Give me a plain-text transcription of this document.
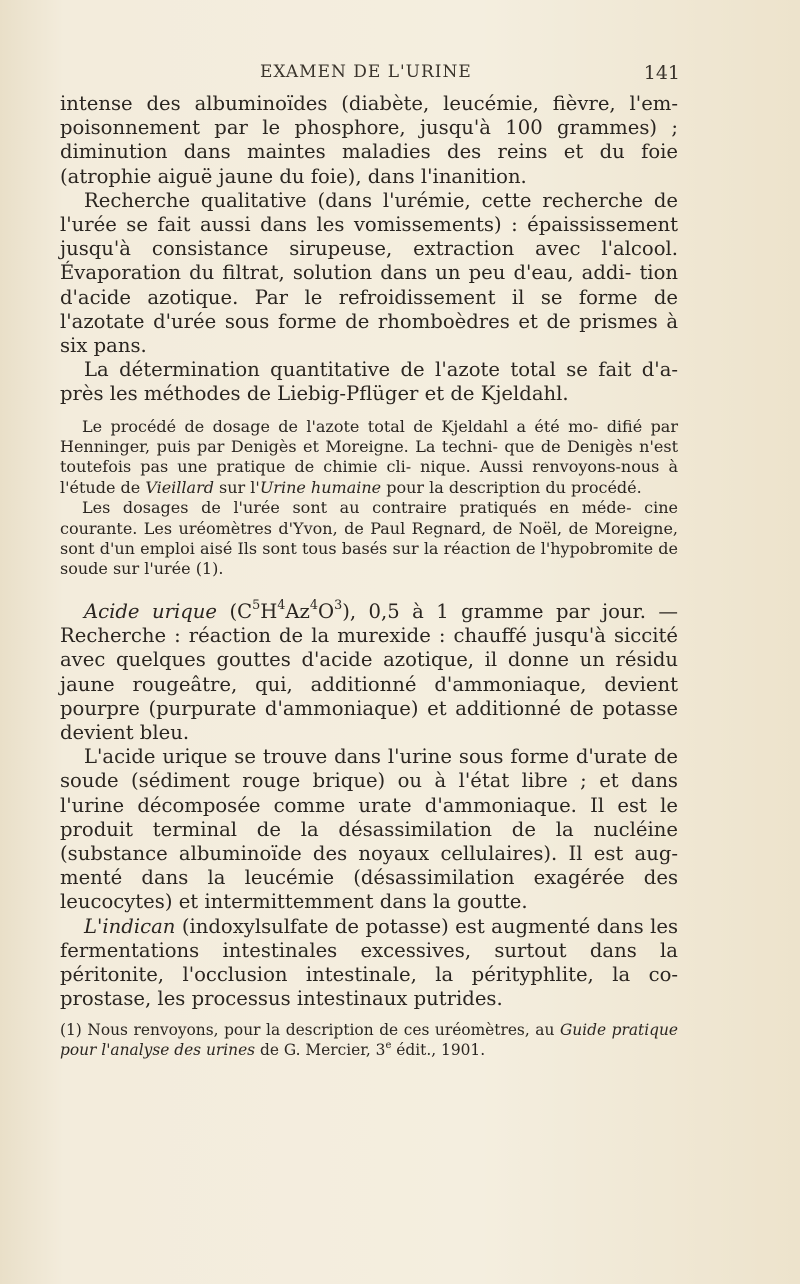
EXAMEN DE L'URINE	141

intense des albuminoïdes (diabète, leucémie, fièvre, l'em- poisonnement par le phosphore, jusqu'à 100 grammes) ; diminution dans maintes maladies des reins et du foie (atrophie aiguë jaune du foie), dans l'inanition.

Recherche qualitative (dans l'urémie, cette recherche de l'urée se fait aussi dans les vomissements) : épaississement jusqu'à consistance sirupeuse, extraction avec l'alcool. Évaporation du filtrat, solution dans un peu d'eau, addi- tion d'acide azotique. Par le refroidissement il se forme de l'azotate d'urée sous forme de rhomboèdres et de prismes à six pans.

La détermination quantitative de l'azote total se fait d'a- près les méthodes de Liebig-Pflüger et de Kjeldahl.

Le procédé de dosage de l'azote total de Kjeldahl a été mo- difié par Henninger, puis par Denigès et Moreigne. La techni- que de Denigès n'est toutefois pas une pratique de chimie cli- nique. Aussi renvoyons-nous à l'étude de Vieillard sur l'Urine humaine pour la description du procédé.

Les dosages de l'urée sont au contraire pratiqués en méde- cine courante. Les uréomètres d'Yvon, de Paul Regnard, de Noël, de Moreigne, sont d'un emploi aisé Ils sont tous basés sur la réaction de l'hypobromite de soude sur l'urée (1).

Acide urique $(C^5H^4Az^4O^3)$, 0,5 à 1 gramme par jour. — Recherche : réaction de la murexide : chauffé jusqu'à siccité avec quelques gouttes d'acide azotique, il donne un résidu jaune rougeâtre, qui, additionné d'ammoniaque, devient pourpre (purpurate d'ammoniaque) et additionné de potasse devient bleu.

L'acide urique se trouve dans l'urine sous forme d'urate de soude (sédiment rouge brique) ou à l'état libre ; et dans l'urine décomposée comme urate d'ammoniaque. Il est le produit terminal de la désassimilation de la nucléine (substance albuminoïde des noyaux cellulaires). Il est aug- menté dans la leucémie (désassimilation exagérée des leucocytes) et intermittemment dans la goutte.

L'indican (indoxylsulfate de potasse) est augmenté dans les fermentations intestinales excessives, surtout dans la péritonite, l'occlusion intestinale, la pérityphlite, la co- prostase, les processus intestinaux putrides.

(1) Nous renvoyons, pour la description de ces uréomètres, au Guide pratique pour l'analyse des urines de G. Mercier, 3e édit., 1901.
